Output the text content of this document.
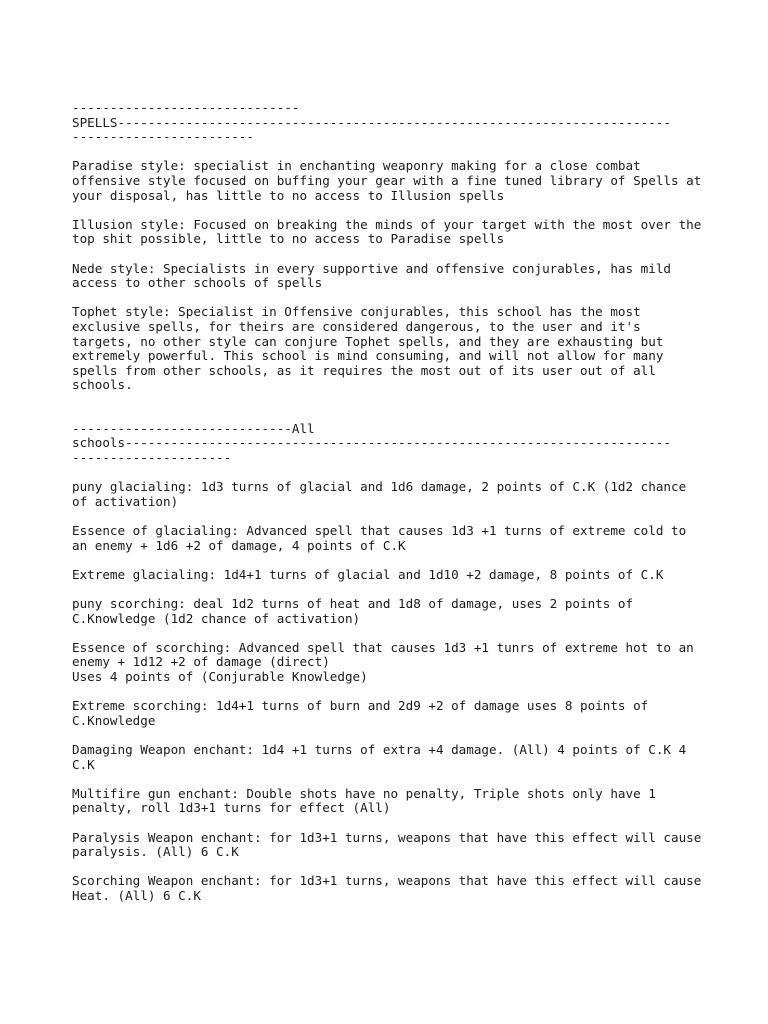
------------------------------
SPELLS-------------------------------------------------------------------------
------------------------

Paradise style: specialist in enchanting weaponry making for a close combat
offensive style focused on buffing your gear with a fine tuned library of Spells at
your disposal, has little to no access to Illusion spells

Illusion style: Focused on breaking the minds of your target with the most over the
top shit possible, little to no access to Paradise spells

Nede style: Specialists in every supportive and offensive conjurables, has mild
access to other schools of spells

Tophet style: Specialist in Offensive conjurables, this school has the most
exclusive spells, for theirs are considered dangerous, to the user and it's
targets, no other style can conjure Tophet spells, and they are exhausting but
extremely powerful. This school is mind consuming, and will not allow for many
spells from other schools, as it requires the most out of its user out of all
schools.

-----------------------------All
schools------------------------------------------------------------------------
---------------------

puny glacialing: 1d3 turns of glacial and 1d6 damage, 2 points of C.K (1d2 chance
of activation)

Essence of glacialing: Advanced spell that causes 1d3 +1 turns of extreme cold to
an enemy + 1d6 +2 of damage, 4 points of C.K

Extreme glacialing: 1d4+1 turns of glacial and 1d10 +2 damage, 8 points of C.K

puny scorching: deal 1d2 turns of heat and 1d8 of damage, uses 2 points of
C.Knowledge (1d2 chance of activation)

Essence of scorching: Advanced spell that causes 1d3 +1 tunrs of extreme hot to an
enemy + 1d12 +2 of damage (direct)
Uses 4 points of (Conjurable Knowledge)

Extreme scorching: 1d4+1 turns of burn and 2d9 +2 of damage uses 8 points of
C.Knowledge

Damaging Weapon enchant: 1d4 +1 turns of extra +4 damage. (All) 4 points of C.K 4
C.K

Multifire gun enchant: Double shots have no penalty, Triple shots only have 1
penalty, roll 1d3+1 turns for effect (All)

Paralysis Weapon enchant: for 1d3+1 turns, weapons that have this effect will cause
paralysis. (All) 6 C.K

Scorching Weapon enchant: for 1d3+1 turns, weapons that have this effect will cause
Heat. (All) 6 C.K
